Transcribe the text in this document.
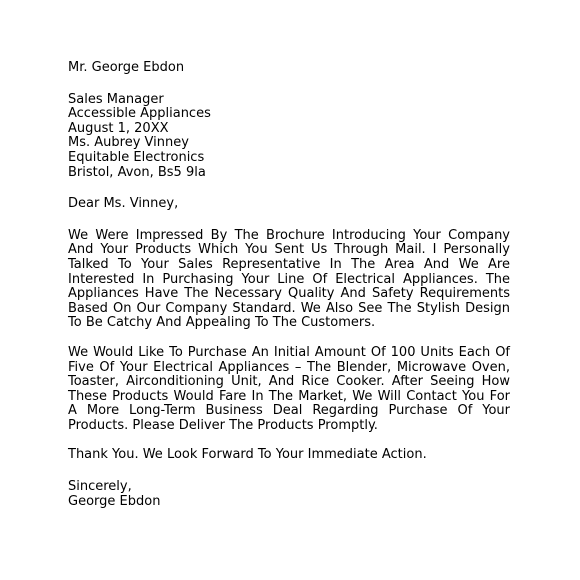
Mr. George Ebdon
Sales Manager
Accessible Appliances
August 1, 20XX
Ms. Aubrey Vinney
Equitable Electronics
Bristol, Avon, Bs5 9la
Dear Ms. Vinney,

We Were Impressed By The Brochure Introducing Your Company And Your Products Which You Sent Us Through Mail. I Personally Talked To Your Sales Representative In The Area And We Are Interested In Purchasing Your Line Of Electrical Appliances. The Appliances Have The Necessary Quality And Safety Requirements Based On Our Company Standard. We Also See The Stylish Design To Be Catchy And Appealing To The Customers.

We Would Like To Purchase An Initial Amount Of 100 Units Each Of Five Of Your Electrical Appliances – The Blender, Microwave Oven, Toaster, Airconditioning Unit, And Rice Cooker. After Seeing How These Products Would Fare In The Market, We Will Contact You For A More Long-Term Business Deal Regarding Purchase Of Your Products. Please Deliver The Products Promptly.

Thank You. We Look Forward To Your Immediate Action.
Sincerely,
George Ebdon
